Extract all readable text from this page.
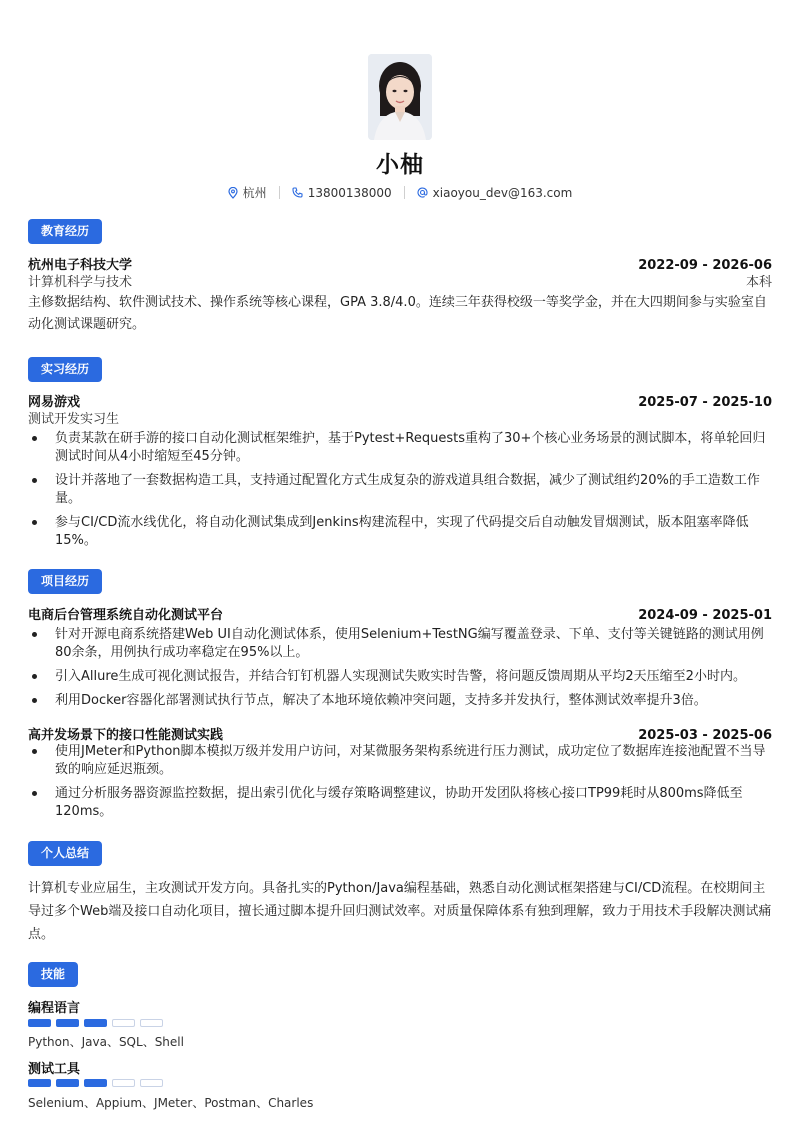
小柚
杭州	13800138000	xiaoyou_dev@163.com
教育经历
杭州电子科技大学	2022-09 - 2026-06
计算机科学与技术	本科
主修数据结构、软件测试技术、操作系统等核心课程，GPA 3.8/4.0。连续三年获得校级一等奖学金，并在大四期间参与实验室自动化测试课题研究。
实习经历
网易游戏	2025-07 - 2025-10
测试开发实习生
负责某款在研手游的接口自动化测试框架维护，基于Pytest+Requests重构了30+个核心业务场景的测试脚本，将单轮回归测试时间从4小时缩短至45分钟。
设计并落地了一套数据构造工具，支持通过配置化方式生成复杂的游戏道具组合数据，减少了测试组约20%的手工造数工作量。
参与CI/CD流水线优化，将自动化测试集成到Jenkins构建流程中，实现了代码提交后自动触发冒烟测试，版本阻塞率降低15%。
项目经历
电商后台管理系统自动化测试平台	2024-09 - 2025-01
针对开源电商系统搭建Web UI自动化测试体系，使用Selenium+TestNG编写覆盖登录、下单、支付等关键链路的测试用例80余条，用例执行成功率稳定在95%以上。
引入Allure生成可视化测试报告，并结合钉钉机器人实现测试失败实时告警，将问题反馈周期从平均2天压缩至2小时内。
利用Docker容器化部署测试执行节点，解决了本地环境依赖冲突问题，支持多并发执行，整体测试效率提升3倍。
高并发场景下的接口性能测试实践	2025-03 - 2025-06
使用JMeter和Python脚本模拟万级并发用户访问，对某微服务架构系统进行压力测试，成功定位了数据库连接池配置不当导致的响应延迟瓶颈。
通过分析服务器资源监控数据，提出索引优化与缓存策略调整建议，协助开发团队将核心接口TP99耗时从800ms降低至120ms。
个人总结
计算机专业应届生，主攻测试开发方向。具备扎实的Python/Java编程基础，熟悉自动化测试框架搭建与CI/CD流程。在校期间主导过多个Web端及接口自动化项目，擅长通过脚本提升回归测试效率。对质量保障体系有独到理解，致力于用技术手段解决测试痛点。
技能
编程语言
Python、Java、SQL、Shell
测试工具
Selenium、Appium、JMeter、Postman、Charles
